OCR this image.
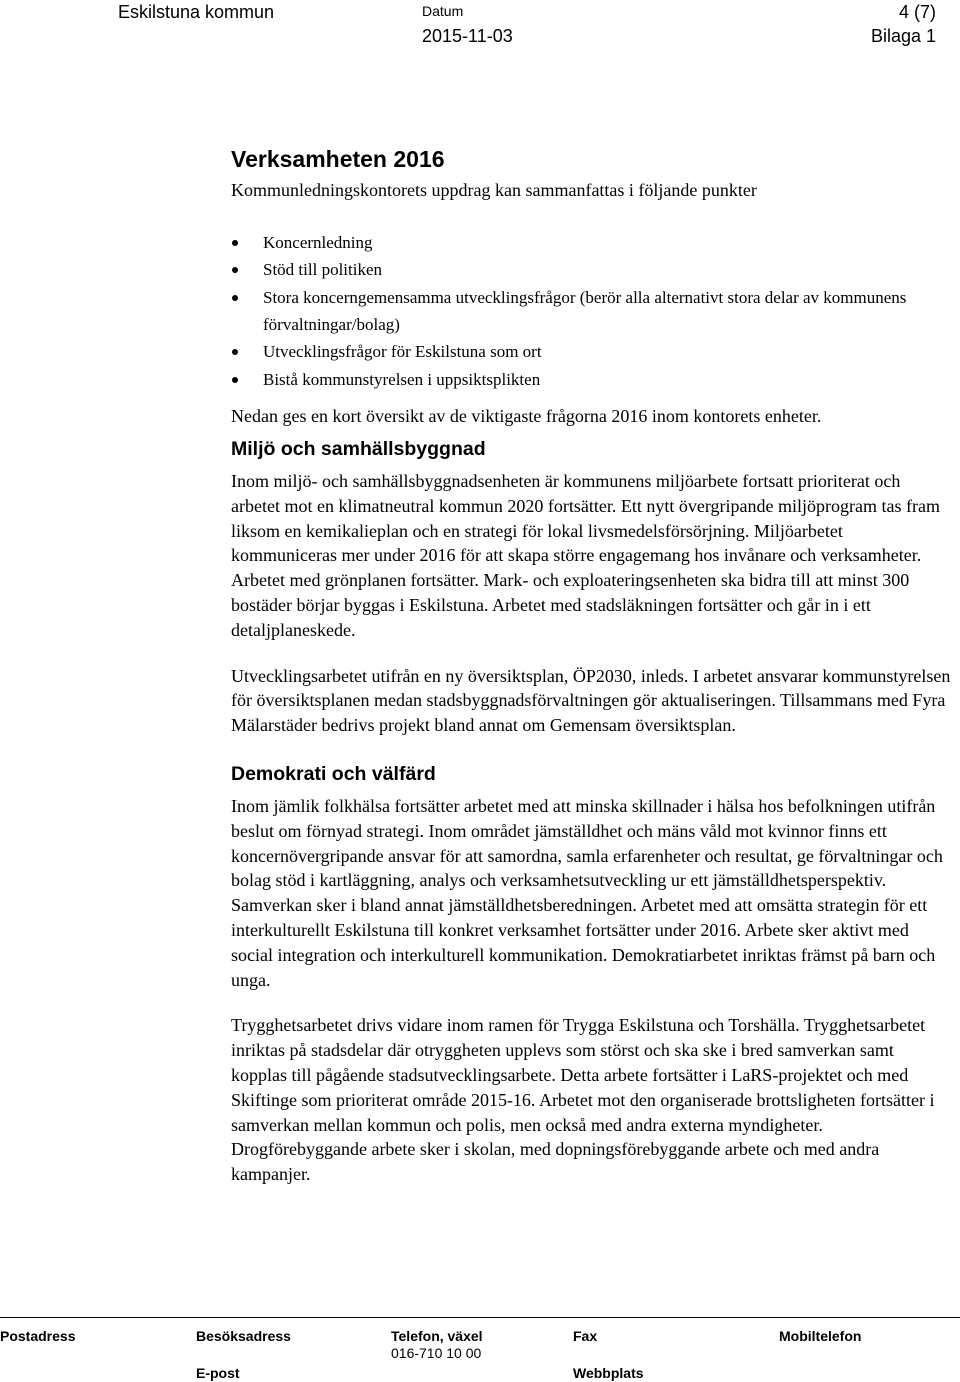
Eskilstuna kommun	Datum
2015-11-03
4 (7)
Bilaga 1
Verksamheten 2016

Kommunledningskontorets uppdrag kan sammanfattas i följande punkter

Koncernledning
Stöd till politiken
Stora koncerngemensamma utvecklingsfrågor (berör alla alternativt stora delar av kommunens förvaltningar/bolag)
Utvecklingsfrågor för Eskilstuna som ort
Bistå kommunstyrelsen i uppsiktsplikten

Nedan ges en kort översikt av de viktigaste frågorna 2016 inom kontorets enheter.

Miljö och samhällsbyggnad

Inom miljö- och samhällsbyggnadsenheten är kommunens miljöarbete fortsatt prioriterat och arbetet mot en klimatneutral kommun 2020 fortsätter. Ett nytt övergripande miljöprogram tas fram liksom en kemikalieplan och en strategi för lokal livsmedelsförsörjning. Miljöarbetet kommuniceras mer under 2016 för att skapa större engagemang hos invånare och verksamheter. Arbetet med grönplanen fortsätter. Mark- och exploateringsenheten ska bidra till att minst 300 bostäder börjar byggas i Eskilstuna. Arbetet med stadsläkningen fortsätter och går in i ett detaljplaneskede.

Utvecklingsarbetet utifrån en ny översiktsplan, ÖP2030, inleds. I arbetet ansvarar kommunstyrelsen för översiktsplanen medan stadsbyggnadsförvaltningen gör aktualiseringen. Tillsammans med Fyra Mälarstäder bedrivs projekt bland annat om Gemensam översiktsplan.

Demokrati och välfärd

Inom jämlik folkhälsa fortsätter arbetet med att minska skillnader i hälsa hos befolkningen utifrån beslut om förnyad strategi. Inom området jämställdhet och mäns våld mot kvinnor finns ett koncernövergripande ansvar för att samordna, samla erfarenheter och resultat, ge förvaltningar och bolag stöd i kartläggning, analys och verksamhetsutveckling ur ett jämställdhetsperspektiv. Samverkan sker i bland annat jämställdhetsberedningen. Arbetet med att omsätta strategin för ett interkulturellt Eskilstuna till konkret verksamhet fortsätter under 2016. Arbete sker aktivt med social integration och interkulturell kommunikation. Demokratiarbetet inriktas främst på barn och unga.

Trygghetsarbetet drivs vidare inom ramen för Trygga Eskilstuna och Torshälla. Trygghetsarbetet inriktas på stadsdelar där otryggheten upplevs som störst och ska ske i bred samverkan samt kopplas till pågående stadsutvecklingsarbete. Detta arbete fortsätter i LaRS-projektet och med Skiftinge som prioriterat område 2015-16. Arbetet mot den organiserade brottsligheten fortsätter i samverkan mellan kommun och polis, men också med andra externa myndigheter. Drogförebyggande arbete sker i skolan, med dopningsförebyggande arbete och med andra kampanjer.

Postadress	Besöksadress	Telefon, växel
016-710 10 00
Fax	Mobiltelefon
E-post	Webbplats
